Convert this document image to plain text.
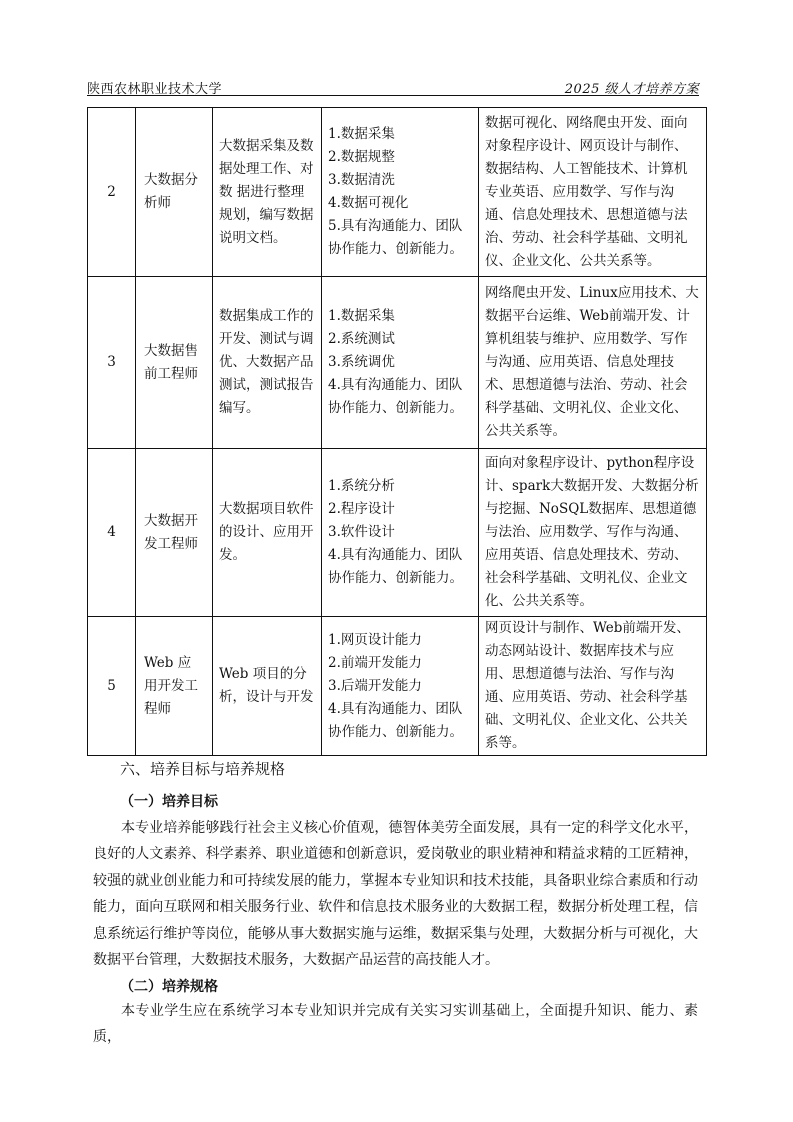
陕西农林职业技术大学	2025 级人才培养方案
2	大数据分析师	大数据采集及数据处理工作、对数 据进行整理规划，编写数据说明文档。	1.数据采集
2.数据规整
3.数据清洗
4.数据可视化
5.具有沟通能力、团队协作能力、创新能力。	数据可视化、网络爬虫开发、面向对象程序设计、网页设计与制作、数据结构、人工智能技术、计算机专业英语、应用数学、写作与沟通、信息处理技术、思想道德与法治、劳动、社会科学基础、文明礼仪、企业文化、公共关系等。
3	大数据售前工程师	数据集成工作的开发、测试与调 优、大数据产品测试，测试报告编写。	1.数据采集
2.系统测试
3.系统调优
4.具有沟通能力、团队协作能力、创新能力。	网络爬虫开发、Linux应用技术、大数据平台运维、Web前端开发、计算机组装与维护、应用数学、写作与沟通、应用英语、信息处理技术、思想道德与法治、劳动、社会科学基础、文明礼仪、企业文化、公共关系等。
4	大数据开发工程师	大数据项目软件的设计、应用开发。	1.系统分析
2.程序设计
3.软件设计
4.具有沟通能力、团队协作能力、创新能力。	面向对象程序设计、python程序设计、spark大数据开发、大数据分析与挖掘、NoSQL数据库、思想道德与法治、应用数学、写作与沟通、应用英语、信息处理技术、劳动、社会科学基础、文明礼仪、企业文化、公共关系等。
5	Web 应用开发工程师	Web 项目的分析，设计与开发	1.网页设计能力
2.前端开发能力
3.后端开发能力
4.具有沟通能力、团队协作能力、创新能力。	网页设计与制作、Web前端开发、动态网站设计、数据库技术与应用、思想道德与法治、写作与沟通、应用英语、劳动、社会科学基础、文明礼仪、企业文化、公共关系等。
六、培养目标与培养规格
（一）培养目标
本专业培养能够践行社会主义核心价值观，德智体美劳全面发展，具有一定的科学文化水平，良好的人文素养、科学素养、职业道德和创新意识，爱岗敬业的职业精神和精益求精的工匠精神，较强的就业创业能力和可持续发展的能力，掌握本专业知识和技术技能，具备职业综合素质和行动能力，面向互联网和相关服务行业、软件和信息技术服务业的大数据工程，数据分析处理工程，信息系统运行维护等岗位，能够从事大数据实施与运维，数据采集与处理，大数据分析与可视化，大数据平台管理，大数据技术服务，大数据产品运营的高技能人才。
（二）培养规格
本专业学生应在系统学习本专业知识并完成有关实习实训基础上，全面提升知识、能力、素质，
